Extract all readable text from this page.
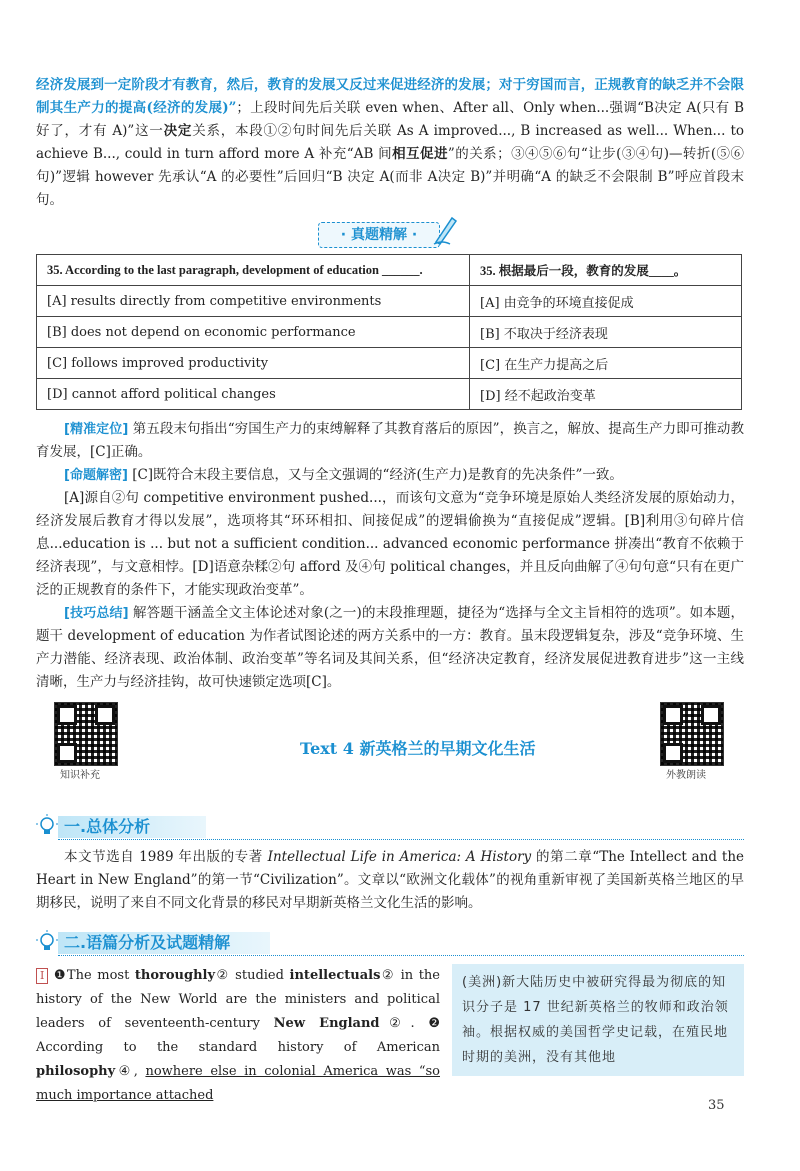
经济发展到一定阶段才有教育，然后，教育的发展又反过来促进经济的发展；对于穷国而言，正规教育的缺乏并不会限制其生产力的提高(经济的发展)”；上段时间先后关联 even when、After all、Only when...强调“B决定 A(只有 B好了，才有 A)”这一决定关系，本段①②句时间先后关联 As A improved..., B increased as well... When... to achieve B..., could in turn afford more A 补充“AB 间相互促进”的关系；③④⑤⑥句“让步(③④句)—转折(⑤⑥句)”逻辑 however 先承认“A 的必要性”后回归“B 决定 A(而非 A决定 B)”并明确“A 的缺乏不会限制 B”呼应首段末句。
· 真题精解 ·
35. According to the last paragraph, development of education ______.	35. 根据最后一段，教育的发展____。
[A] results directly from competitive environments	[A] 由竞争的环境直接促成
[B] does not depend on economic performance	[B] 不取决于经济表现
[C] follows improved productivity	[C] 在生产力提高之后
[D] cannot afford political changes	[D] 经不起政治变革
[精准定位] 第五段末句指出“穷国生产力的束缚解释了其教育落后的原因”，换言之，解放、提高生产力即可推动教育发展，[C]正确。
[命题解密] [C]既符合末段主要信息，又与全文强调的“经济(生产力)是教育的先决条件”一致。
[A]源自②句 competitive environment pushed...，而该句文意为“竞争环境是原始人类经济发展的原始动力，经济发展后教育才得以发展”，选项将其“环环相扣、间接促成”的逻辑偷换为“直接促成”逻辑。[B]利用③句碎片信息...education is ... but not a sufficient condition... advanced economic performance 拼凑出“教育不依赖于经济表现”，与文意相悖。[D]语意杂糅②句 afford 及④句 political changes，并且反向曲解了④句句意“只有在更广泛的正规教育的条件下，才能实现政治变革”。
[技巧总结] 解答题干涵盖全文主体论述对象(之一)的末段推理题，捷径为“选择与全文主旨相符的选项”。如本题，题干 development of education 为作者试图论述的两方关系中的一方：教育。虽末段逻辑复杂，涉及“竞争环境、生产力潜能、经济表现、政治体制、政治变革”等名词及其间关系，但“经济决定教育，经济发展促进教育进步”这一主线清晰，生产力与经济挂钩，故可快速锁定选项[C]。
知识补充
Text 4 新英格兰的早期文化生活
外教朗读
一.总体分析
本文节选自 1989 年出版的专著 Intellectual Life in America: A History 的第二章“The Intellect and the Heart in New England”的第一节“Civilization”。文章以“欧洲文化载体”的视角重新审视了美国新英格兰地区的早期移民，说明了来自不同文化背景的移民对早期新英格兰文化生活的影响。
二.语篇分析及试题精解
Ⅰ ❶The most thoroughly② studied intellectuals② in the history of the New World are the ministers and political leaders of seventeenth-century New England②. ❷ According to the standard history of American philosophy④, nowhere else in colonial America was “so much importance attached
(美洲)新大陆历史中被研究得最为彻底的知识分子是 17 世纪新英格兰的牧师和政治领袖。根据权威的美国哲学史记载，在殖民地时期的美洲，没有其他地
35
